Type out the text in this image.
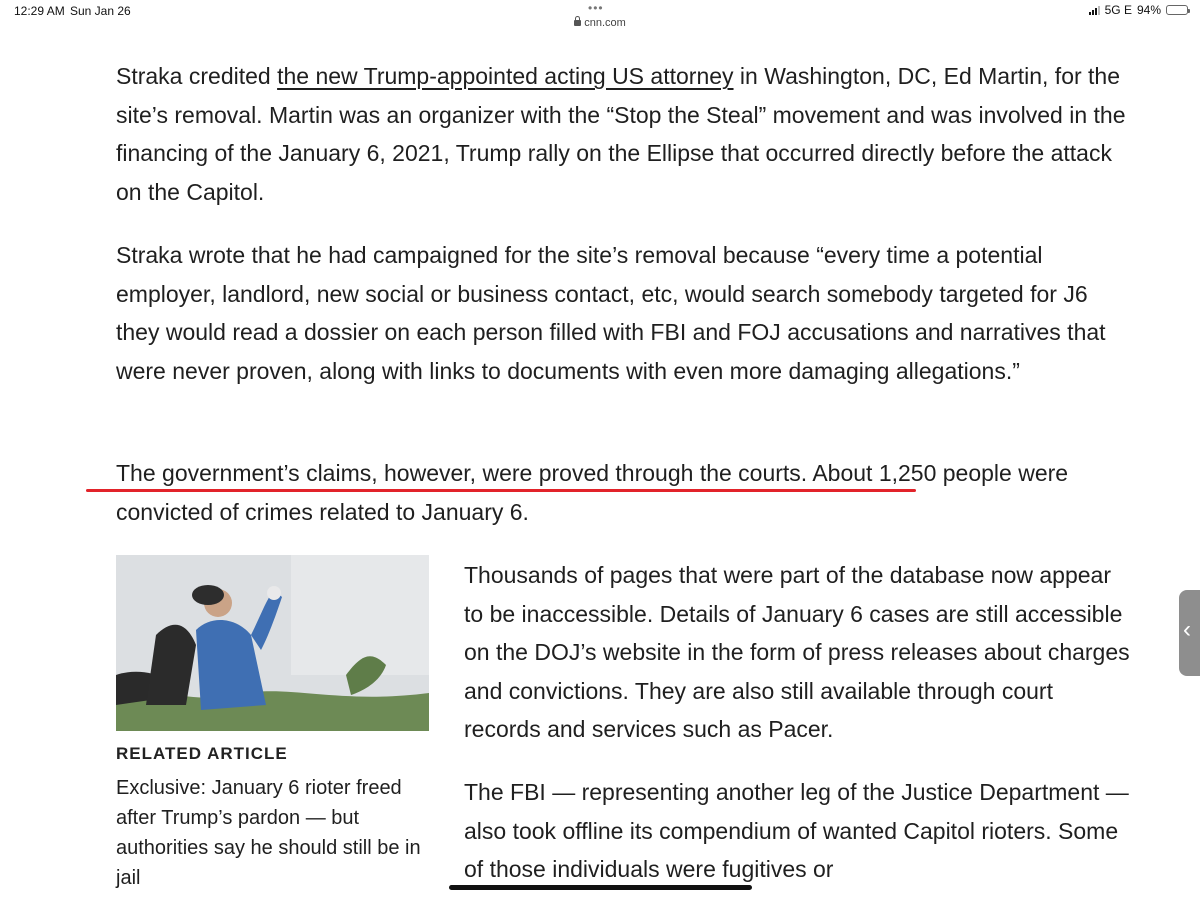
12:29 AM Sun Jan 26	•••
cnn.com
5G E 94%

Straka credited the new Trump-appointed acting US attorney in Washington, DC, Ed Martin, for the site’s removal. Martin was an organizer with the “Stop the Steal” movement and was involved in the financing of the January 6, 2021, Trump rally on the Ellipse that occurred directly before the attack on the Capitol.

Straka wrote that he had campaigned for the site’s removal because “every time a potential employer, landlord, new social or business contact, etc, would search somebody targeted for J6 they would read a dossier on each person filled with FBI and FOJ accusations and narratives that were never proven, along with links to documents with even more damaging allegations.”

The government’s claims, however, were proved through the courts. About 1,250 people were convicted of crimes related to January 6.

RELATED ARTICLE

Exclusive: January 6 rioter freed after Trump’s pardon — but authorities say he should still be in jail

Thousands of pages that were part of the database now appear to be inaccessible. Details of January 6 cases are still accessible on the DOJ’s website in the form of press releases about charges and convictions. They are also still available through court records and services such as Pacer.

The FBI — representing another leg of the Justice Department — also took offline its compendium of wanted Capitol rioters. Some of those individuals were fugitives or

‹
